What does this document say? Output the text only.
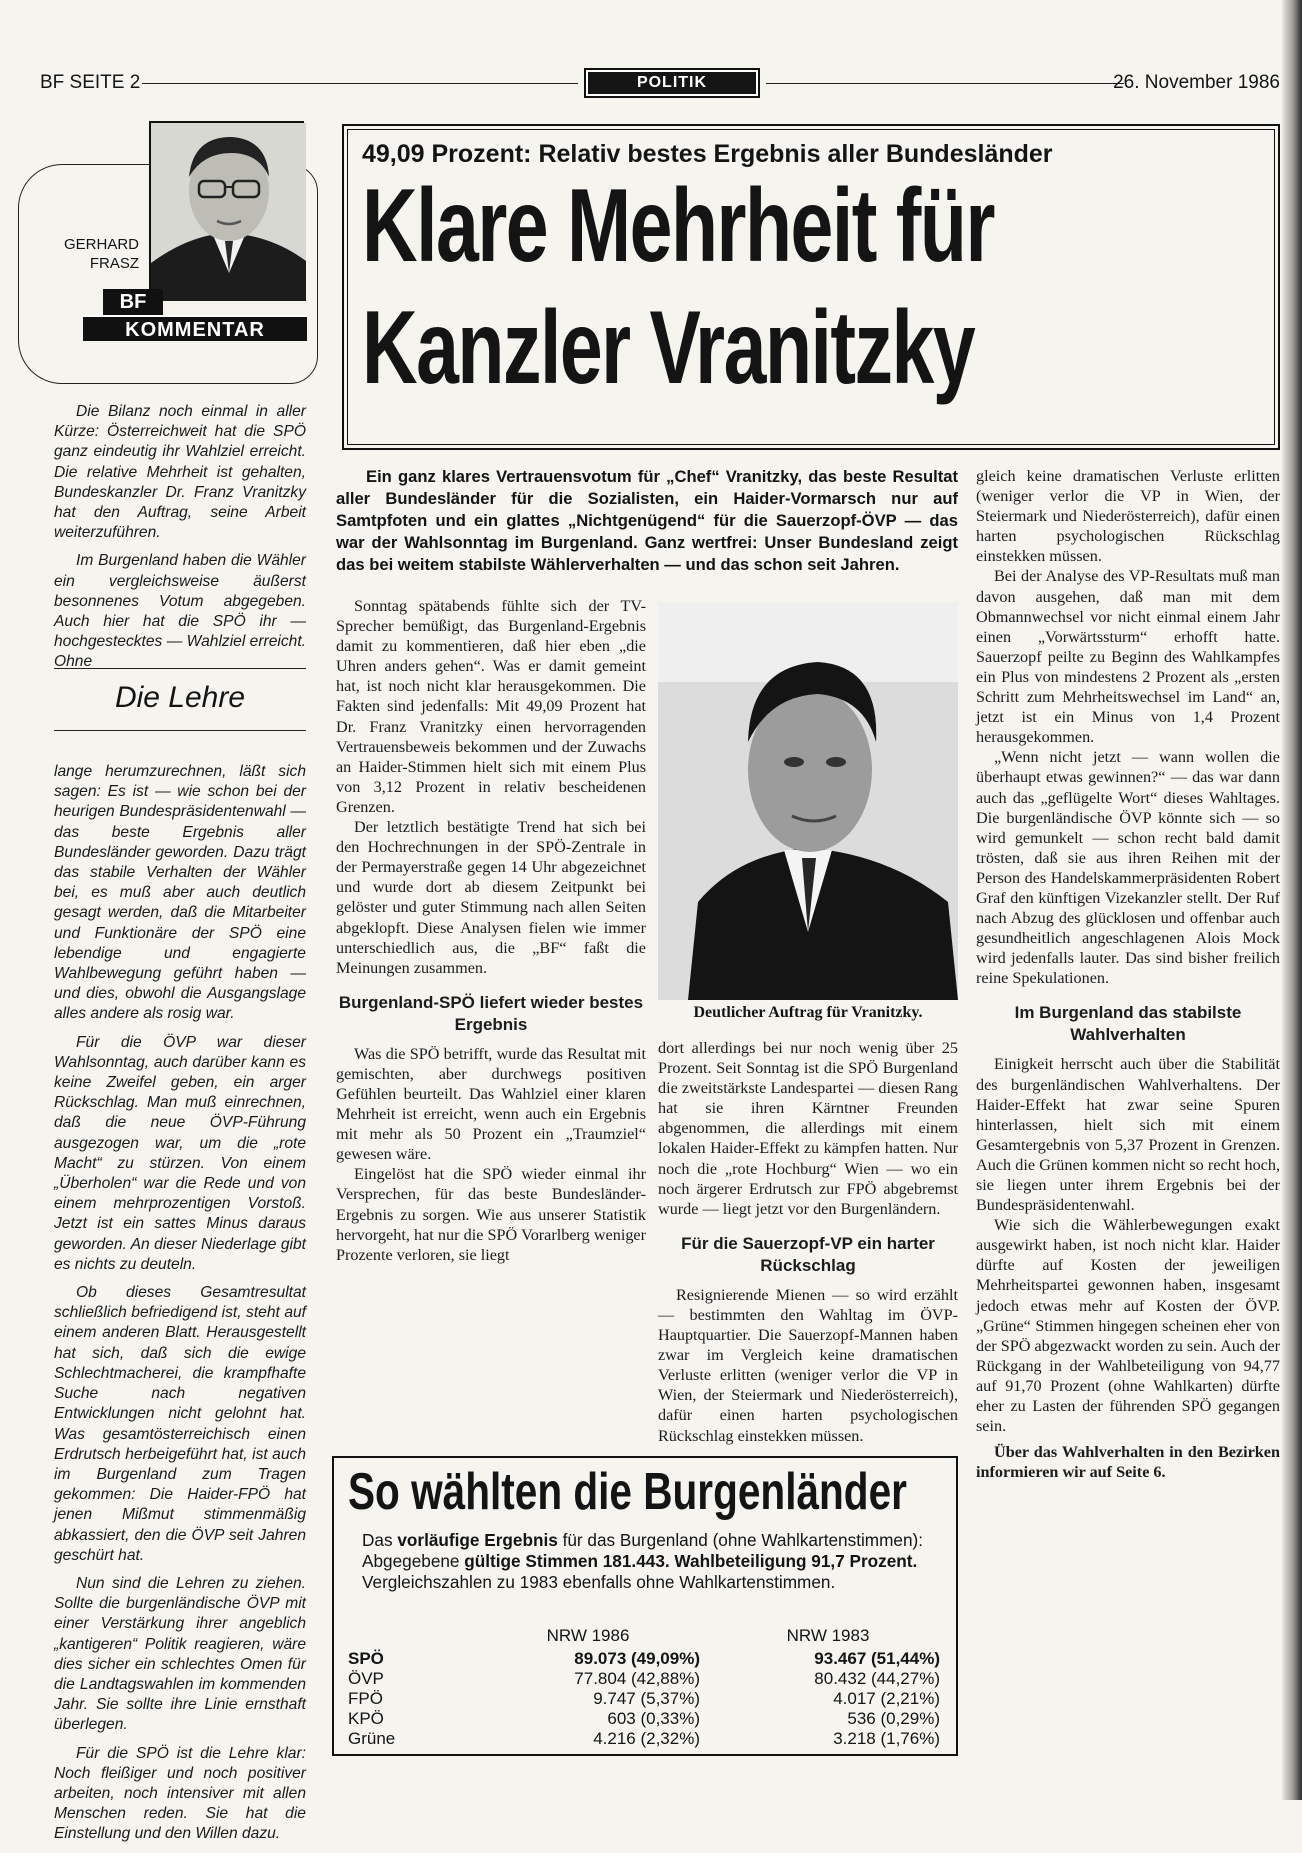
BF SEITE 2	POLITIK	26. November 1986
GERHARD
FRASZ
BF
KOMMENTAR

Die Bilanz noch einmal in aller Kürze: Österreichweit hat die SPÖ ganz eindeutig ihr Wahlziel erreicht. Die relative Mehrheit ist gehalten, Bundeskanzler Dr. Franz Vranitzky hat den Auftrag, seine Arbeit weiterzuführen.

Im Burgenland haben die Wähler ein vergleichsweise äußerst besonnenes Votum abgegeben. Auch hier hat die SPÖ ihr — hochgestecktes — Wahlziel erreicht. Ohne

Die Lehre

lange herumzurechnen, läßt sich sagen: Es ist — wie schon bei der heurigen Bundespräsidentenwahl — das beste Ergebnis aller Bundesländer geworden. Dazu trägt das stabile Verhalten der Wähler bei, es muß aber auch deutlich gesagt werden, daß die Mitarbeiter und Funktionäre der SPÖ eine lebendige und engagierte Wahlbewegung geführt haben — und dies, obwohl die Ausgangslage alles andere als rosig war.

Für die ÖVP war dieser Wahlsonntag, auch darüber kann es keine Zweifel geben, ein arger Rückschlag. Man muß einrechnen, daß die neue ÖVP-Führung ausgezogen war, um die „rote Macht“ zu stürzen. Von einem „Überholen“ war die Rede und von einem mehrprozentigen Vorstoß. Jetzt ist ein sattes Minus daraus geworden. An dieser Niederlage gibt es nichts zu deuteln.

Ob dieses Gesamtresultat schließlich befriedigend ist, steht auf einem anderen Blatt. Herausgestellt hat sich, daß sich die ewige Schlechtmacherei, die krampfhafte Suche nach negativen Entwicklungen nicht gelohnt hat. Was gesamtösterreichisch einen Erdrutsch herbeigeführt hat, ist auch im Burgenland zum Tragen gekommen: Die Haider-FPÖ hat jenen Mißmut stimmenmäßig abkassiert, den die ÖVP seit Jahren geschürt hat.

Nun sind die Lehren zu ziehen. Sollte die burgenländische ÖVP mit einer Verstärkung ihrer angeblich „kantigeren“ Politik reagieren, wäre dies sicher ein schlechtes Omen für die Landtagswahlen im kommenden Jahr. Sie sollte ihre Linie ernsthaft überlegen.

Für die SPÖ ist die Lehre klar: Noch fleißiger und noch positiver arbeiten, noch intensiver mit allen Menschen reden. Sie hat die Einstellung und den Willen dazu.

49,09 Prozent: Relativ bestes Ergebnis aller Bundesländer
Klare Mehrheit für
Kanzler Vranitzky
Ein ganz klares Vertrauensvotum für „Chef“ Vranitzky, das beste Resultat aller Bundesländer für die Sozialisten, ein Haider-Vormarsch nur auf Samtpfoten und ein glattes „Nichtgenügend“ für die Sauerzopf-ÖVP — das war der Wahlsonntag im Burgenland. Ganz wertfrei: Unser Bundesland zeigt das bei weitem stabilste Wählerverhalten — und das schon seit Jahren.

Sonntag spätabends fühlte sich der TV-Sprecher bemüßigt, das Burgenland-Ergebnis damit zu kommentieren, daß hier eben „die Uhren anders gehen“. Was er damit gemeint hat, ist noch nicht klar herausgekommen. Die Fakten sind jedenfalls: Mit 49,09 Prozent hat Dr. Franz Vranitzky einen hervorragenden Vertrauensbeweis bekommen und der Zuwachs an Haider-Stimmen hielt sich mit einem Plus von 3,12 Prozent in relativ bescheidenen Grenzen.

Der letztlich bestätigte Trend hat sich bei den Hochrechnungen in der SPÖ-Zentrale in der Permayerstraße gegen 14 Uhr abgezeichnet und wurde dort ab diesem Zeitpunkt bei gelöster und guter Stimmung nach allen Seiten abgeklopft. Diese Analysen fielen wie immer unterschiedlich aus, die „BF“ faßt die Meinungen zusammen.

Burgenland-SPÖ liefert wieder bestes Ergebnis

Was die SPÖ betrifft, wurde das Resultat mit gemischten, aber durchwegs positiven Gefühlen beurteilt. Das Wahlziel einer klaren Mehrheit ist erreicht, wenn auch ein Ergebnis mit mehr als 50 Prozent ein „Traumziel“ gewesen wäre.

Eingelöst hat die SPÖ wieder einmal ihr Versprechen, für das beste Bundesländer-Ergebnis zu sorgen. Wie aus unserer Statistik hervorgeht, hat nur die SPÖ Vorarlberg weniger Prozente verloren, sie liegt

Deutlicher Auftrag für Vranitzky.

dort allerdings bei nur noch wenig über 25 Prozent. Seit Sonntag ist die SPÖ Burgenland die zweitstärkste Landespartei — diesen Rang hat sie ihren Kärntner Freunden abgenommen, die allerdings mit einem lokalen Haider-Effekt zu kämpfen hatten. Nur noch die „rote Hochburg“ Wien — wo ein noch ärgerer Erdrutsch zur FPÖ abgebremst wurde — liegt jetzt vor den Burgenländern.

Für die Sauerzopf-VP ein harter Rückschlag

Resignierende Mienen — so wird erzählt — bestimmten den Wahltag im ÖVP-Hauptquartier. Die Sauerzopf-Mannen haben zwar im Vergleich keine dramatischen Verluste erlitten (weniger verlor die VP in Wien, der Steiermark und Niederösterreich), dafür einen harten psychologischen Rückschlag einstekken müssen.

gleich keine dramatischen Verluste erlitten (weniger verlor die VP in Wien, der Steiermark und Niederösterreich), dafür einen harten psychologischen Rückschlag einstekken müssen.

Bei der Analyse des VP-Resultats muß man davon ausgehen, daß man mit dem Obmannwechsel vor nicht einmal einem Jahr einen „Vorwärtssturm“ erhofft hatte. Sauerzopf peilte zu Beginn des Wahlkampfes ein Plus von mindestens 2 Prozent als „ersten Schritt zum Mehrheitswechsel im Land“ an, jetzt ist ein Minus von 1,4 Prozent herausgekommen.

„Wenn nicht jetzt — wann wollen die überhaupt etwas gewinnen?“ — das war dann auch das „geflügelte Wort“ dieses Wahltages. Die burgenländische ÖVP könnte sich — so wird gemunkelt — schon recht bald damit trösten, daß sie aus ihren Reihen mit der Person des Handelskammerpräsidenten Robert Graf den künftigen Vizekanzler stellt. Der Ruf nach Abzug des glücklosen und offenbar auch gesundheitlich angeschlagenen Alois Mock wird jedenfalls lauter. Das sind bisher freilich reine Spekulationen.

Im Burgenland das stabilste Wahlverhalten

Einigkeit herrscht auch über die Stabilität des burgenländischen Wahlverhaltens. Der Haider-Effekt hat zwar seine Spuren hinterlassen, hielt sich mit einem Gesamtergebnis von 5,37 Prozent in Grenzen. Auch die Grünen kommen nicht so recht hoch, sie liegen unter ihrem Ergebnis bei der Bundespräsidentenwahl.

Wie sich die Wählerbewegungen exakt ausgewirkt haben, ist noch nicht klar. Haider dürfte auf Kosten der jeweiligen Mehrheitspartei gewonnen haben, insgesamt jedoch etwas mehr auf Kosten der ÖVP. „Grüne“ Stimmen hingegen scheinen eher von der SPÖ abgezwackt worden zu sein. Auch der Rückgang in der Wahlbeteiligung von 94,77 auf 91,70 Prozent (ohne Wahlkarten) dürfte eher zu Lasten der führenden SPÖ gegangen sein.

Über das Wahlverhalten in den Bezirken informieren wir auf Seite 6.

So wählten die Burgenländer
Das vorläufige Ergebnis für das Burgenland (ohne Wahlkartenstimmen): Abgegebene gültige Stimmen 181.443. Wahlbeteiligung 91,7 Prozent. Vergleichszahlen zu 1983 ebenfalls ohne Wahlkartenstimmen.
	NRW 1986	NRW 1983
SPÖ	89.073 (49,09%)	93.467 (51,44%)
ÖVP	77.804 (42,88%)	80.432 (44,27%)
FPÖ	9.747 (5,37%)	4.017 (2,21%)
KPÖ	603 (0,33%)	536 (0,29%)
Grüne	4.216 (2,32%)	3.218 (1,76%)
